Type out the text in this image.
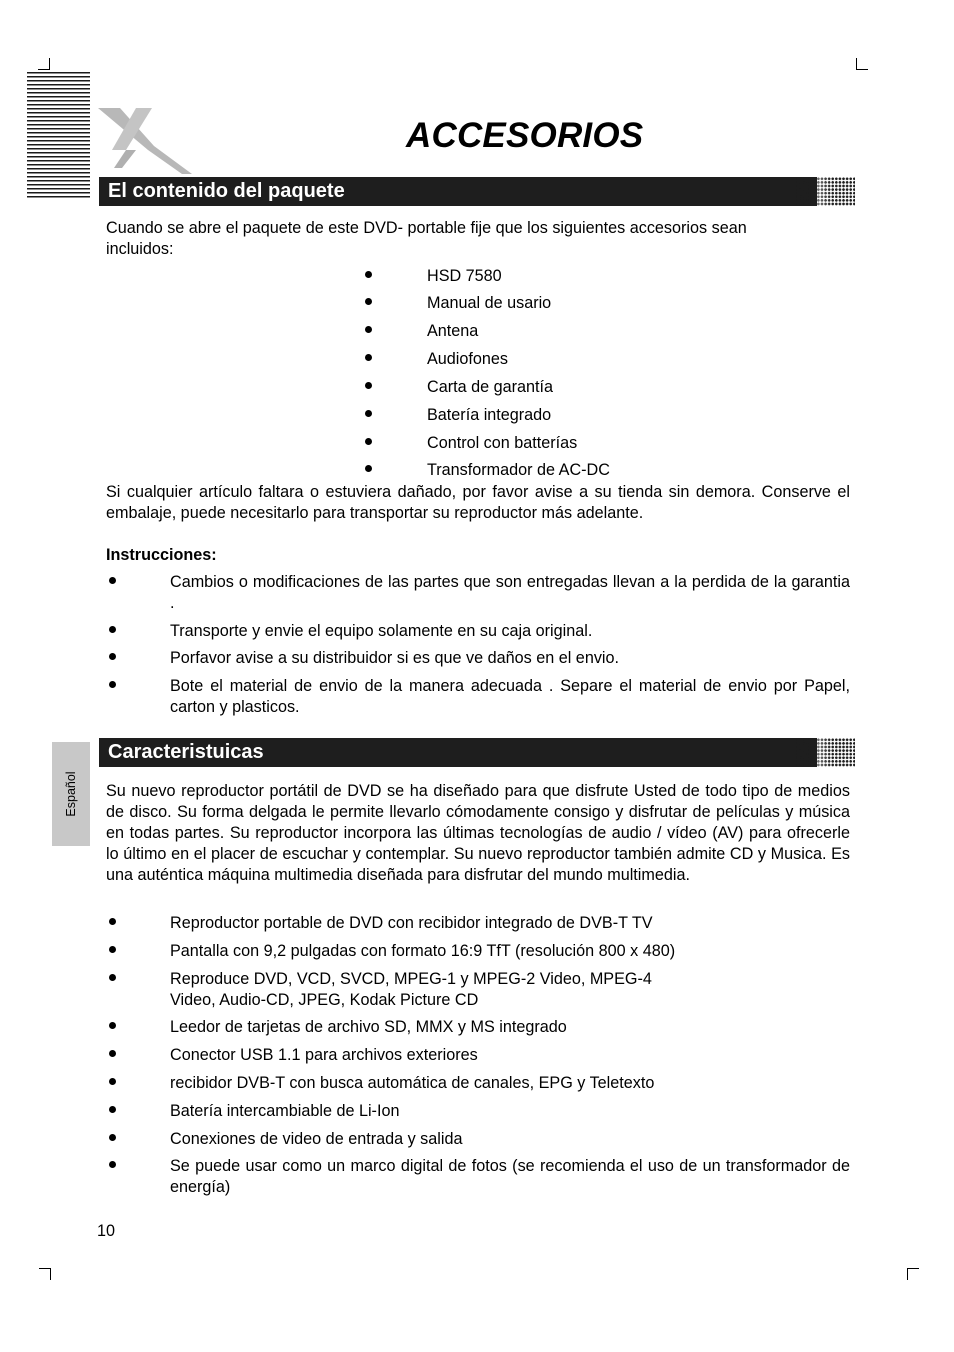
ACCESORIOS
El contenido del paquete
Cuando se abre el paquete de este DVD- portable fije que los siguientes accesorios sean
incluidos:
HSD 7580
Manual de usario
Antena
Audiofones
Carta de garantía
Batería integrado
Control con batterías
Transformador de AC-DC
Si cualquier artículo faltara o estuviera dañado, por favor avise a su tienda sin demora. Conserve el embalaje, puede necesitarlo para transportar su reproductor más adelante.
Instrucciones:
Cambios o modificaciones de las partes que son entregadas llevan a la perdida de la garantia .
Transporte y envie el equipo solamente en su caja original.
Porfavor avise a su distribuidor si es que ve daños en el envio.
Bote el material de envio de la manera adecuada . Separe el material de envio por Papel, carton y plasticos.
Caracteristuicas
Español Su nuevo reproductor portátil de DVD se ha diseñado para que disfrute Usted de todo tipo de medios de disco. Su forma delgada le permite llevarlo cómodamente consigo y disfrutar de películas y música en todas partes. Su reproductor incorpora las últimas tecnologías de audio / vídeo (AV) para ofrecerle lo último en el placer de escuchar y contemplar. Su nuevo reproductor también admite CD y Musica. Es una auténtica máquina multimedia diseñada para disfrutar del mundo multimedia.
Reproductor portable de DVD con recibidor integrado de DVB-T TV
Pantalla con 9,2 pulgadas con formato 16:9 TfT (resolución 800 x 480)
Reproduce DVD, VCD, SVCD, MPEG-1 y MPEG-2 Video, MPEG-4
Video, Audio-CD, JPEG, Kodak Picture CD
Leedor de tarjetas de archivo SD, MMX y MS integrado
Conector USB 1.1 para archivos exteriores
recibidor DVB-T con busca automática de canales, EPG y Teletexto
Batería intercambiable de Li-Ion
Conexiones de video de entrada y salida
Se puede usar como un marco digital de fotos (se recomienda el uso de un transformador de energía)
10
